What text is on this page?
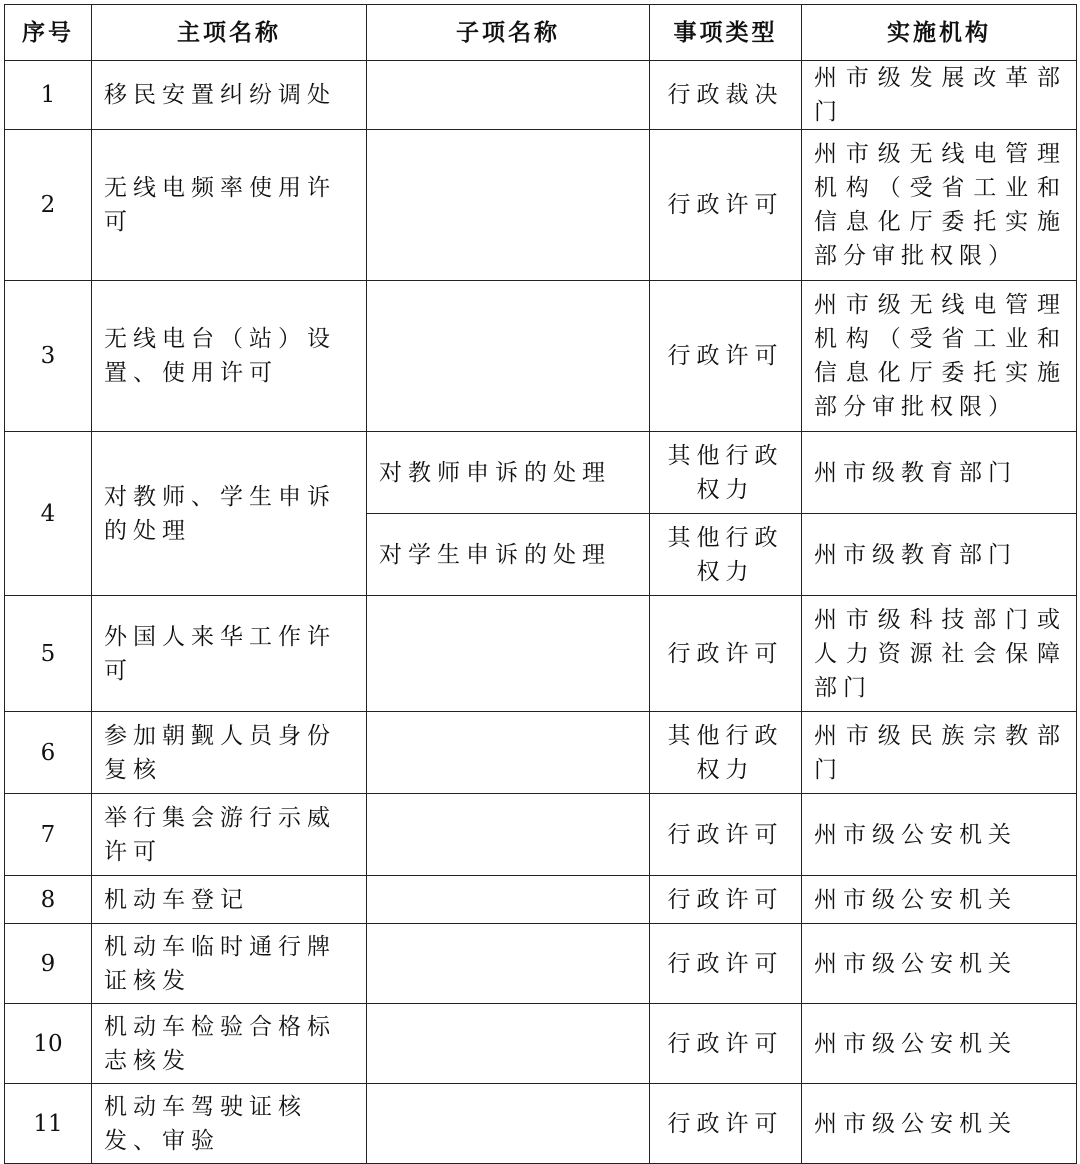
序号	主项名称	子项名称	事项类型	实施机构
1	移民安置纠纷调处		行政裁决	州市级发展改革部门
2	无线电频率使用许可		行政许可	州市级无线电管理机构（受省工业和信息化厅委托实施部分审批权限）
3	无线电台（站）设置、使用许可		行政许可	州市级无线电管理机构（受省工业和信息化厅委托实施部分审批权限）
4	对教师、学生申诉的处理	对教师申诉的处理	其他行政权力	州市级教育部门
		对学生申诉的处理	其他行政权力	州市级教育部门
5	外国人来华工作许可		行政许可	州市级科技部门或人力资源社会保障部门
6	参加朝觐人员身份复核		其他行政权力	州市级民族宗教部门
7	举行集会游行示威许可		行政许可	州市级公安机关
8	机动车登记		行政许可	州市级公安机关
9	机动车临时通行牌证核发		行政许可	州市级公安机关
10	机动车检验合格标志核发		行政许可	州市级公安机关
11	机动车驾驶证核发、审验		行政许可	州市级公安机关
